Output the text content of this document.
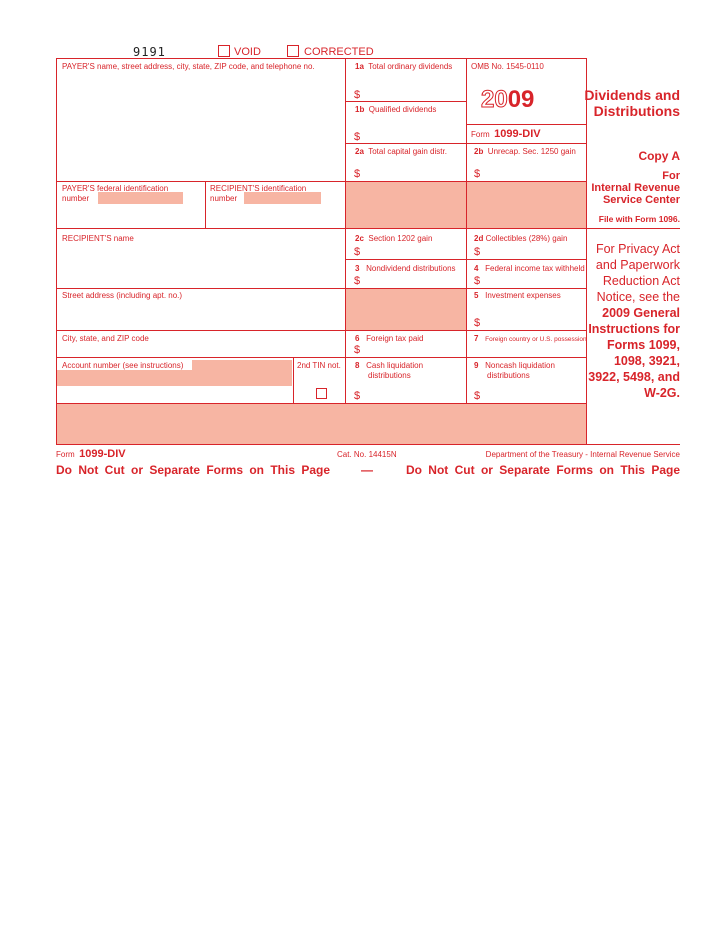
9191	VOID	CORRECTED
PAYER'S name, street address, city, state, ZIP code, and telephone no.
PAYER'S federal identification
number
RECIPIENT'S identification
number
RECIPIENT'S name
Street address (including apt. no.)
City, state, and ZIP code
Account number (see instructions)	2nd TIN not.
1a Total ordinary dividends
$
1b Qualified dividends
$
2a Total capital gain distr.
$
2c Section 1202 gain
$
3 Nondividend distributions
$
6 Foreign tax paid
$
8 Cash liquidation
distributions
$
OMB No. 1545-0110
2009
Form 1099-DIV
2b Unrecap. Sec. 1250 gain
$
2d Collectibles (28%) gain
$
4 Federal income tax withheld
$
5 Investment expenses
$
7 Foreign country or U.S. possession
9 Noncash liquidation
distributions
$
Dividends and
Distributions
Copy A
For
Internal Revenue
Service Center
File with Form 1096.
For Privacy Act
and Paperwork
Reduction Act
Notice, see the
2009 General
Instructions for
Forms 1099,
1098, 3921,
3922, 5498, and
W-2G.
Form 1099-DIV	Cat. No. 14415N	Department of the Treasury - Internal Revenue Service
Do Not Cut or Separate Forms on This Page	—	Do Not Cut or Separate Forms on This Page
